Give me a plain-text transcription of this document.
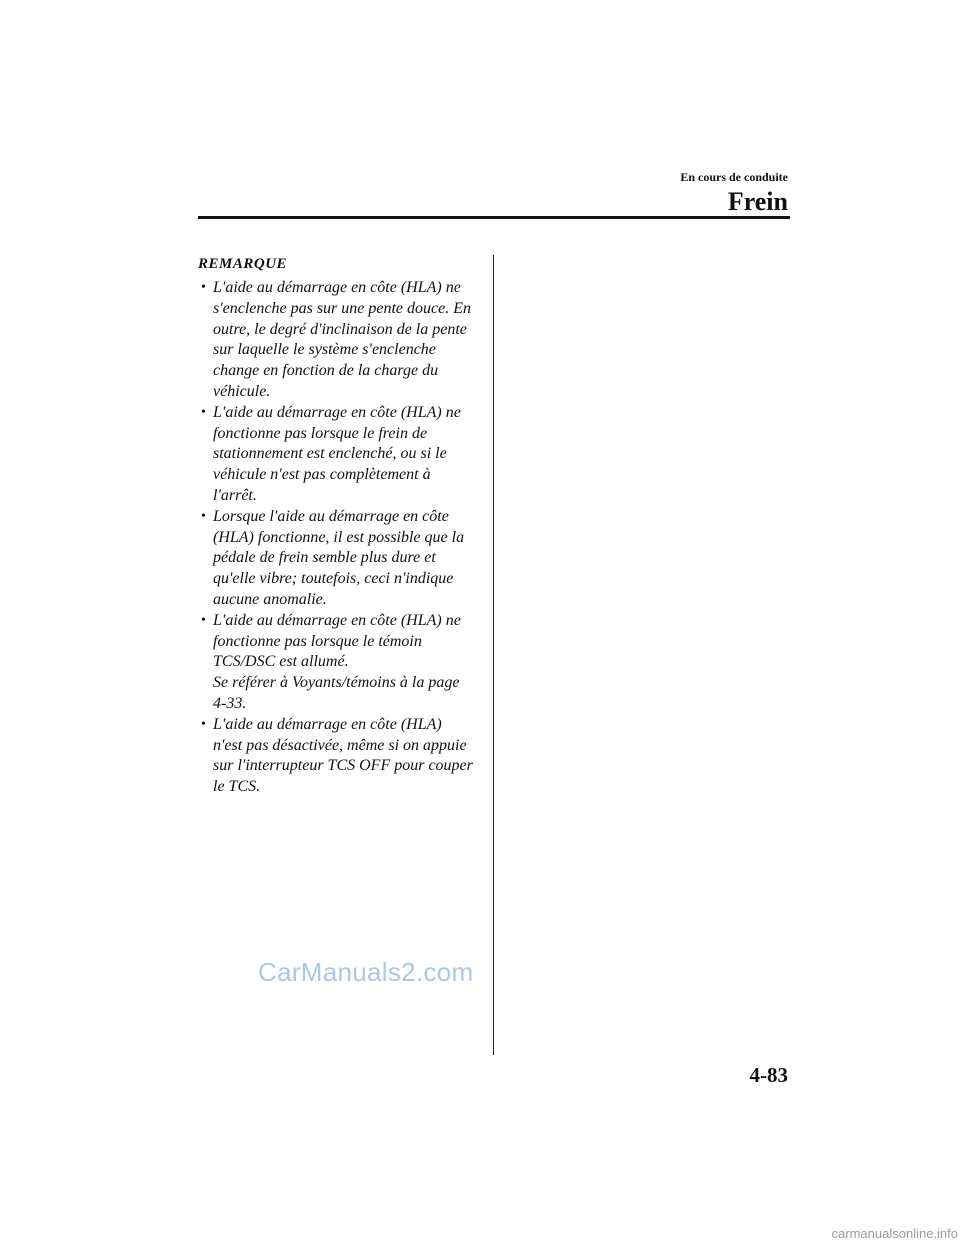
En cours de conduite
Frein
REMARQUE
• L'aide au démarrage en côte (HLA) ne
s'enclenche pas sur une pente douce. En
outre, le degré d'inclinaison de la pente
sur laquelle le système s'enclenche
change en fonction de la charge du
véhicule.
• L'aide au démarrage en côte (HLA) ne
fonctionne pas lorsque le frein de
stationnement est enclenché, ou si le
véhicule n'est pas complètement à
l'arrêt.
• Lorsque l'aide au démarrage en côte
(HLA) fonctionne, il est possible que la
pédale de frein semble plus dure et
qu'elle vibre; toutefois, ceci n'indique
aucune anomalie.
• L'aide au démarrage en côte (HLA) ne
fonctionne pas lorsque le témoin
TCS/DSC est allumé.
Se référer à Voyants/témoins à la page
4-33.
• L'aide au démarrage en côte (HLA)
n'est pas désactivée, même si on appuie
sur l'interrupteur TCS OFF pour couper
le TCS.
CarManuals2.com
4-83
carmanualsonline.info
